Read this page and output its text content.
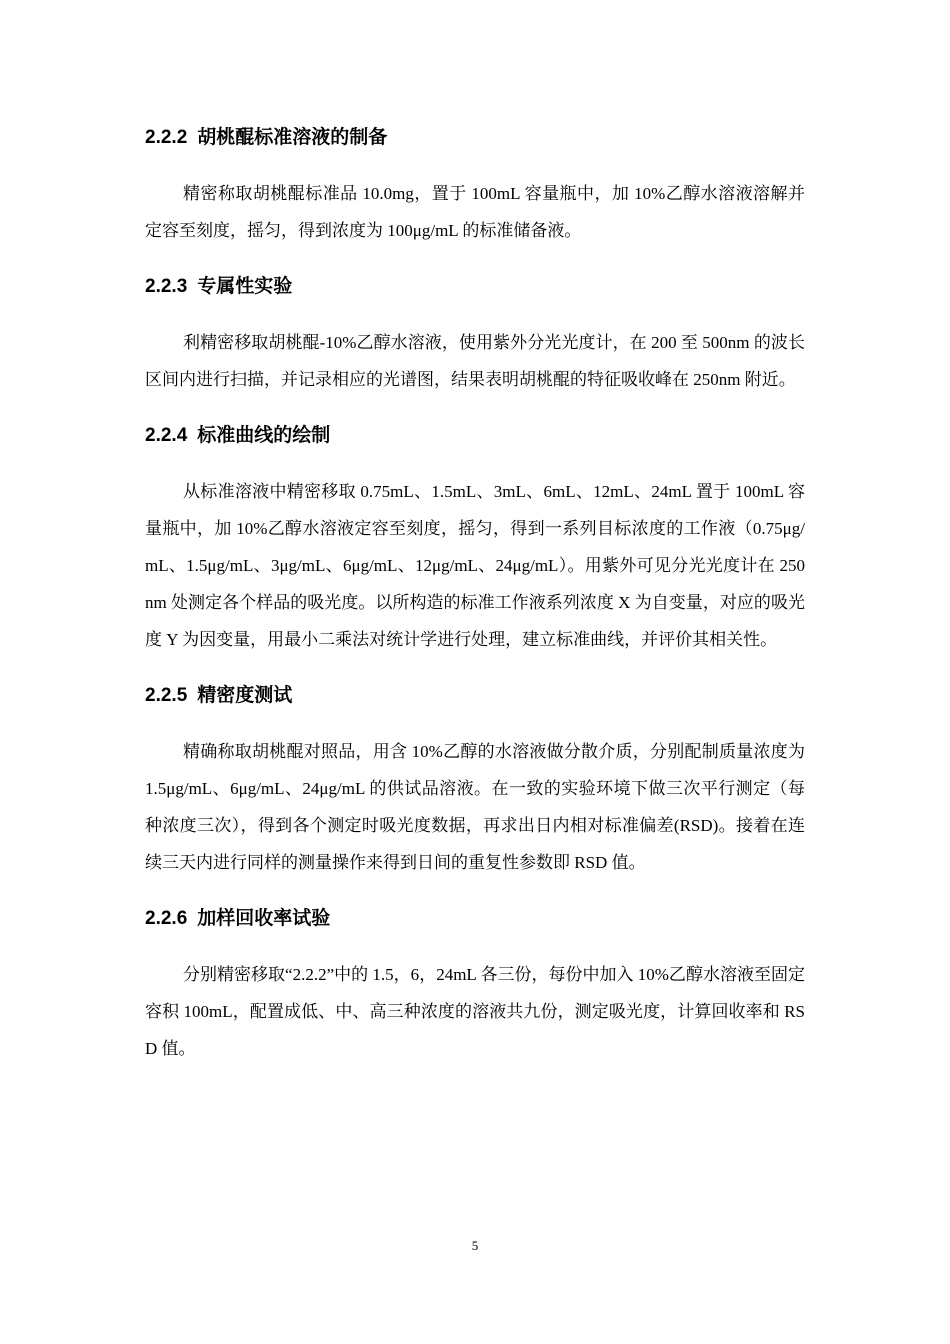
2.2.2 胡桃醌标准溶液的制备

精密称取胡桃醌标准品 10.0mg，置于 100mL 容量瓶中，加 10%乙醇水溶液溶解并定容至刻度，摇匀，得到浓度为 100μg/mL 的标准储备液。

2.2.3 专属性实验

利精密移取胡桃醌-10%乙醇水溶液，使用紫外分光光度计，在 200 至 500nm 的波长区间内进行扫描，并记录相应的光谱图，结果表明胡桃醌的特征吸收峰在 250nm 附近。

2.2.4 标准曲线的绘制

从标准溶液中精密移取 0.75mL、1.5mL、3mL、6mL、12mL、24mL 置于 100mL 容量瓶中，加 10%乙醇水溶液定容至刻度，摇匀，得到一系列目标浓度的工作液（0.75μg/mL、1.5μg/mL、3μg/mL、6μg/mL、12μg/mL、24μg/mL）。用紫外可见分光光度计在 250nm 处测定各个样品的吸光度。以所构造的标准工作液系列浓度 X 为自变量，对应的吸光度 Y 为因变量，用最小二乘法对统计学进行处理，建立标准曲线，并评价其相关性。

2.2.5 精密度测试

精确称取胡桃醌对照品，用含 10%乙醇的水溶液做分散介质，分别配制质量浓度为 1.5μg/mL、6μg/mL、24μg/mL 的供试品溶液。在一致的实验环境下做三次平行测定（每种浓度三次），得到各个测定时吸光度数据，再求出日内相对标准偏差(RSD)。接着在连续三天内进行同样的测量操作来得到日间的重复性参数即 RSD 值。

2.2.6 加样回收率试验

分别精密移取“2.2.2”中的 1.5，6，24mL 各三份，每份中加入 10%乙醇水溶液至固定容积 100mL，配置成低、中、高三种浓度的溶液共九份，测定吸光度，计算回收率和 RSD 值。

5
